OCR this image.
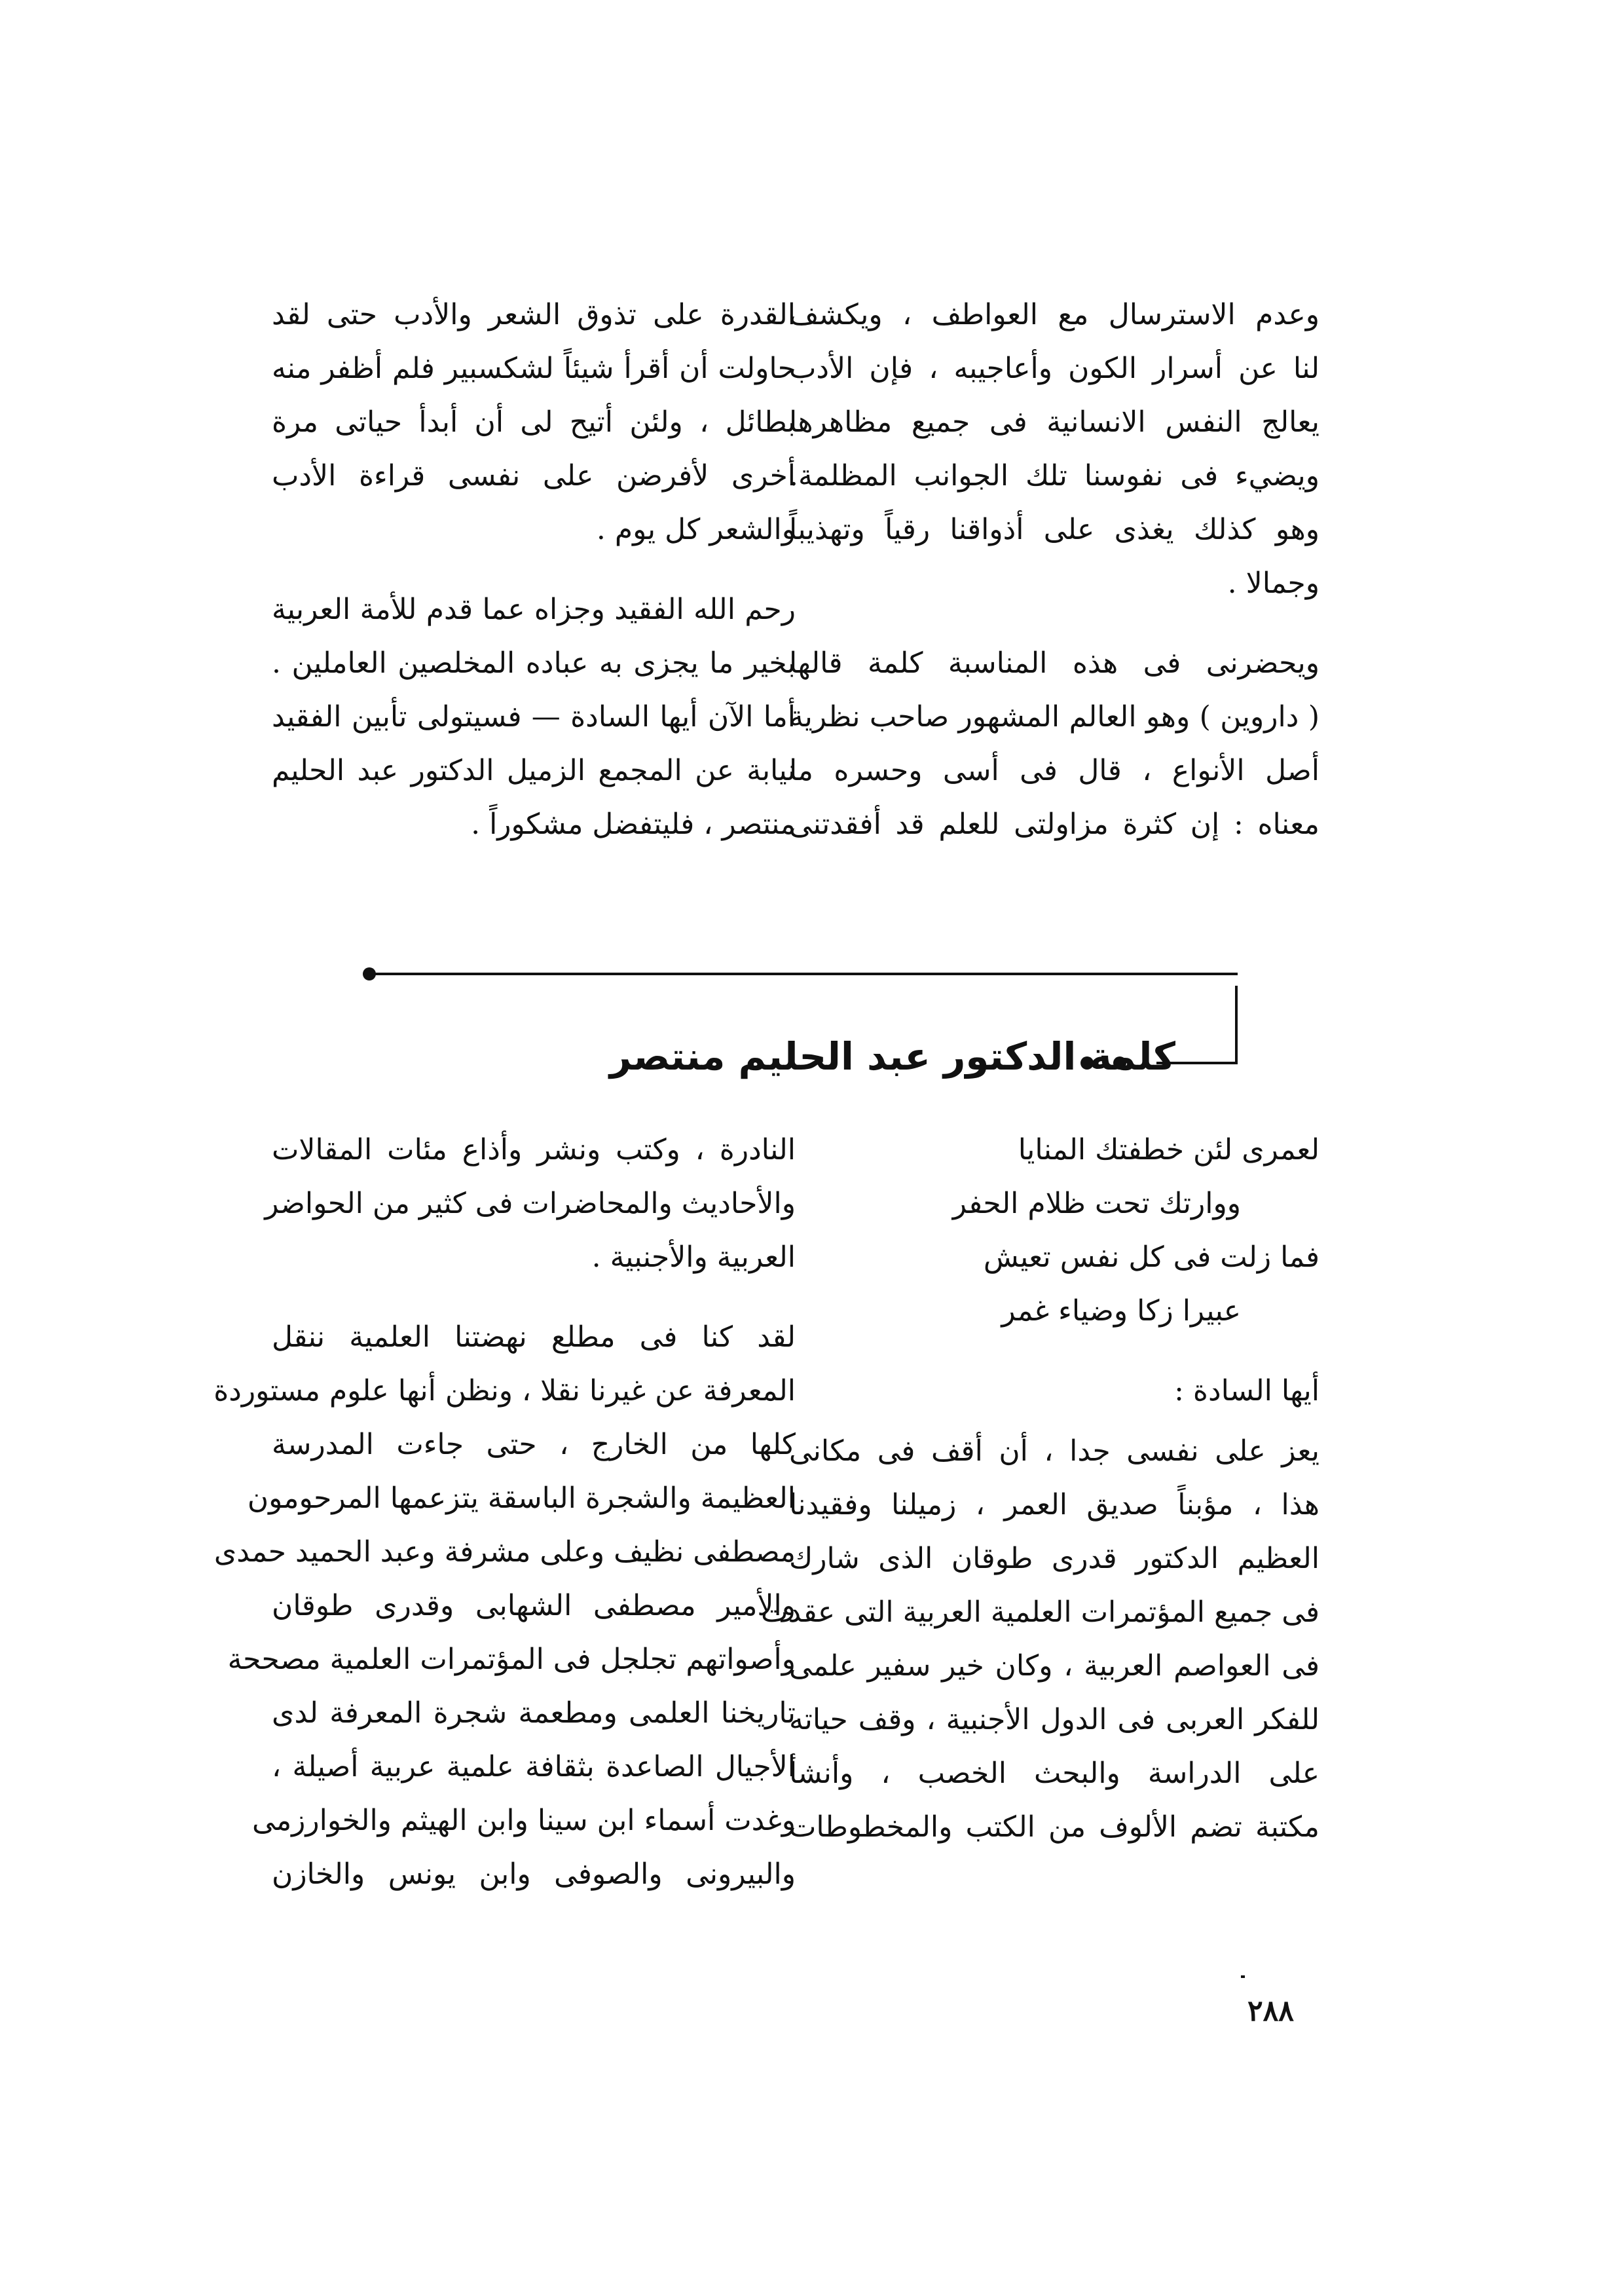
وعدم الاسترسال مع العواطف ، ويكشف
لنا عن أسرار الكون وأعاجيبه ، فإن الأدب
يعالج النفس الانسانية فى جميع مظاهرها
ويضيء فى نفوسنا تلك الجوانب المظلمة.
وهو كذلك يغذى على أذواقنا رقياً وتهذيباً
وجمالا .

ويحضرنى فى هذه المناسبة كلمة قالها
( داروين ) وهو العالم المشهور صاحب نظرية
أصل الأنواع ، قال فى أسى وحسره ما
معناه : إن كثرة مزاولتى للعلم قد أفقدتنى

القدرة على تذوق الشعر والأدب حتى لقد
حاولت أن أقرأ شيئاً لشكسبير فلم أظفر منه
بطائل ، ولئن أتيح لى أن أبدأ حياتى مرة
أخرى لأفرضن على نفسى قراءة الأدب
والشعر كل يوم .

رحم الله الفقيد وجزاه عما قدم للأمة العربية
بخير ما يجزى به عباده المخلصين العاملين .
أما الآن أيها السادة — فسيتولى تأبين الفقيد
نيابة عن المجمع الزميل الدكتور عبد الحليم
منتصر ، فليتفضل مشكوراً .

كلمة الدكتور عبد الحليم منتصر

لعمرى لئن خطفتك المنايا
ووارتك تحت ظلام الحفر
فما زلت فى كل نفس تعيش
عبيرا زكا وضياء غمر

أيها السادة :

يعز على نفسى جدا ، أن أقف فى مكانى
هذا ، مؤبناً صديق العمر ، زميلنا وفقيدنا
العظيم الدكتور قدرى طوقان الذى شارك
فى جميع المؤتمرات العلمية العربية التى عقدت
فى العواصم العربية ، وكان خير سفير علمى
للفكر العربى فى الدول الأجنبية ، وقف حياته
على الدراسة والبحث الخصب ، وأنشأ
مكتبة تضم الألوف من الكتب والمخطوطات

النادرة ، وكتب ونشر وأذاع مئات المقالات
والأحاديث والمحاضرات فى كثير من الحواضر
العربية والأجنبية .

لقد كنا فى مطلع نهضتنا العلمية ننقل
المعرفة عن غيرنا نقلا ، ونظن أنها علوم مستوردة
كلها من الخارج ، حتى جاءت المدرسة
العظيمة والشجرة الباسقة يتزعمها المرحومون
مصطفى نظيف وعلى مشرفة وعبد الحميد حمدى
والأمير مصطفى الشهابى وقدرى طوقان
وأصواتهم تجلجل فى المؤتمرات العلمية مصححة
تاريخنا العلمى ومطعمة شجرة المعرفة لدى
الأجيال الصاعدة بثقافة علمية عربية أصيلة ،
وغدت أسماء ابن سينا وابن الهيثم والخوارزمى
والبيرونى والصوفى وابن يونس والخازن

٢٨٨
